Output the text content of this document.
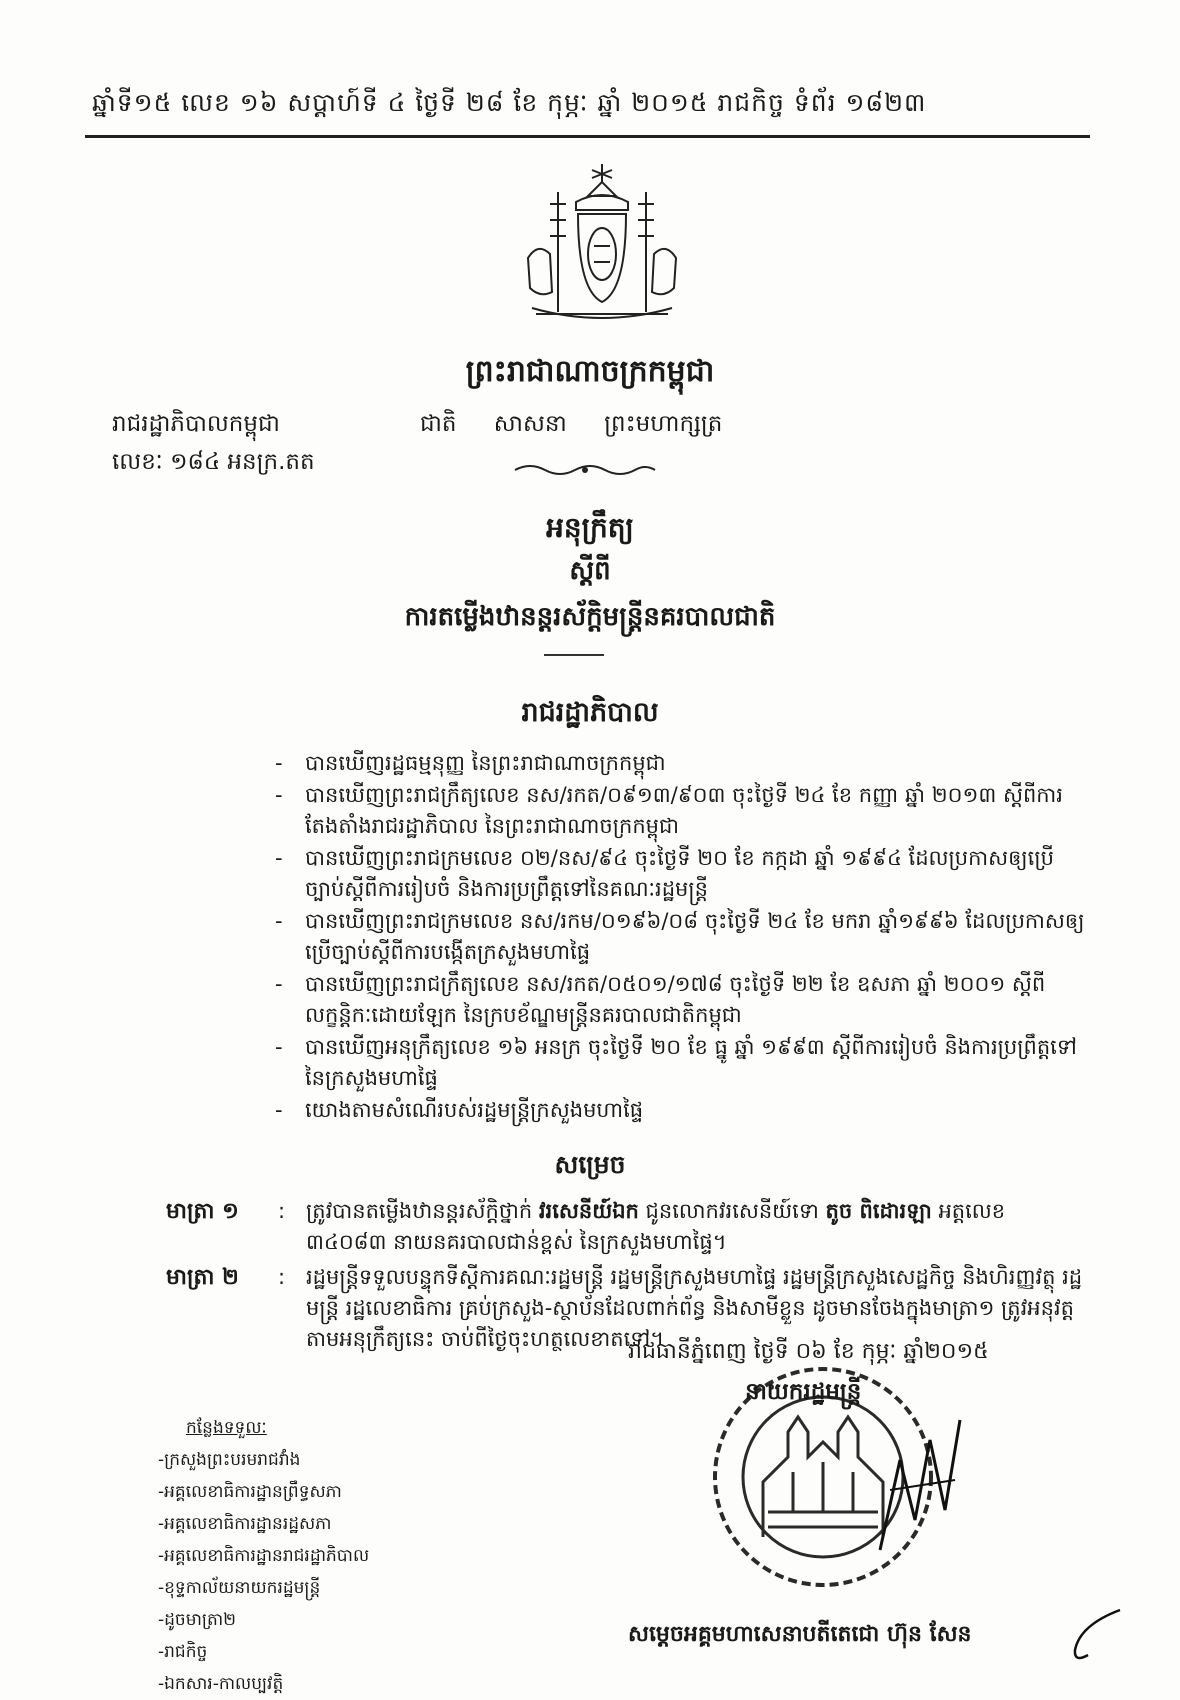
ឆ្នាំទី១៥ លេខ ១៦ សប្តាហ៍ទី ៤ ថ្ងៃទី ២៨ ខែ កុម្ភៈ ឆ្នាំ ២០១៥ រាជកិច្ច ទំព័រ ១៨២៣
ព្រះរាជាណាចក្រកម្ពុជា
រាជរដ្ឋាភិបាលកម្ពុជា	ជាតិ សាសនា ព្រះមហាក្សត្រ
លេខៈ ១៨៤ អនក្រ.តត
អនុក្រឹត្យ
ស្តីពី
ការតម្លើងឋានន្តរស័ក្តិមន្ត្រីនគរបាលជាតិ
រាជរដ្ឋាភិបាល
- បានឃើញរដ្ឋធម្មនុញ្ញ នៃព្រះរាជាណាចក្រកម្ពុជា
- បានឃើញព្រះរាជក្រឹត្យលេខ នស/រកត/០៩១៣/៩០៣ ចុះថ្ងៃទី ២៤ ខែ កញ្ញា ឆ្នាំ ២០១៣ ស្តីពីការតែងតាំងរាជរដ្ឋាភិបាល នៃព្រះរាជាណាចក្រកម្ពុជា
- បានឃើញព្រះរាជក្រមលេខ ០២/នស/៩៤ ចុះថ្ងៃទី ២០ ខែ កក្កដា ឆ្នាំ ១៩៩៤ ដែលប្រកាសឲ្យប្រើច្បាប់ស្តីពីការរៀបចំ និងការប្រព្រឹត្តទៅនៃគណៈរដ្ឋមន្ត្រី
- បានឃើញព្រះរាជក្រមលេខ នស/រកម/០១៩៦/០៨ ចុះថ្ងៃទី ២៤ ខែ មករា ឆ្នាំ១៩៩៦ ដែលប្រកាសឲ្យប្រើច្បាប់ស្តីពីការបង្កើតក្រសួងមហាផ្ទៃ
- បានឃើញព្រះរាជក្រឹត្យលេខ នស/រកត/០៥០១/១៧៨ ចុះថ្ងៃទី ២២ ខែ ឧសភា ឆ្នាំ ២០០១ ស្តីពីលក្ខន្តិកៈដោយឡែក នៃក្របខ័ណ្ឌមន្ត្រីនគរបាលជាតិកម្ពុជា
- បានឃើញអនុក្រឹត្យលេខ ១៦ អនក្រ ចុះថ្ងៃទី ២០ ខែ ធ្នូ ឆ្នាំ ១៩៩៣ ស្តីពីការរៀបចំ និងការប្រព្រឹត្តទៅ នៃក្រសួងមហាផ្ទៃ
- យោងតាមសំណើរបស់រដ្ឋមន្ត្រីក្រសួងមហាផ្ទៃ
សម្រេច
មាត្រា ១ : ត្រូវបានតម្លើងឋានន្តរស័ក្តិថ្នាក់ វរសេនីយ៍ឯក ជូនលោកវរសេនីយ៍ទោ តូច ពិដោរឡា អត្តលេខ ៣៤០៨៣ នាយនគរបាលជាន់ខ្ពស់ នៃក្រសួងមហាផ្ទៃ។
មាត្រា ២ : រដ្ឋមន្ត្រីទទួលបន្ទុកទីស្តីការគណៈរដ្ឋមន្ត្រី រដ្ឋមន្ត្រីក្រសួងមហាផ្ទៃ រដ្ឋមន្ត្រីក្រសួងសេដ្ឋកិច្ច និងហិរញ្ញវត្ថុ រដ្ឋមន្ត្រី រដ្ឋលេខាធិការ គ្រប់ក្រសួង-ស្ថាប័នដែលពាក់ព័ន្ធ និងសាមីខ្លួន ដូចមានចែងក្នុងមាត្រា១ ត្រូវអនុវត្តតាមអនុក្រឹត្យនេះ ចាប់ពីថ្ងៃចុះហត្ថលេខាតទៅ។
រាជធានីភ្នំពេញ ថ្ងៃទី ០៦ ខែ កុម្ភៈ ឆ្នាំ២០១៥
នាយករដ្ឋមន្ត្រី
សម្តេចអគ្គមហាសេនាបតីតេជោ ហ៊ុន សែន
កន្លែងទទួលៈ
-ក្រសួងព្រះបរមរាជវាំង
-អគ្គលេខាធិការដ្ឋានព្រឹទ្ធសភា
-អគ្គលេខាធិការដ្ឋានរដ្ឋសភា
-អគ្គលេខាធិការដ្ឋានរាជរដ្ឋាភិបាល
-ខុទ្ទកាល័យនាយករដ្ឋមន្ត្រី
-ដូចមាត្រា២
-រាជកិច្ច
-ឯកសារ-កាលប្បវត្តិ
